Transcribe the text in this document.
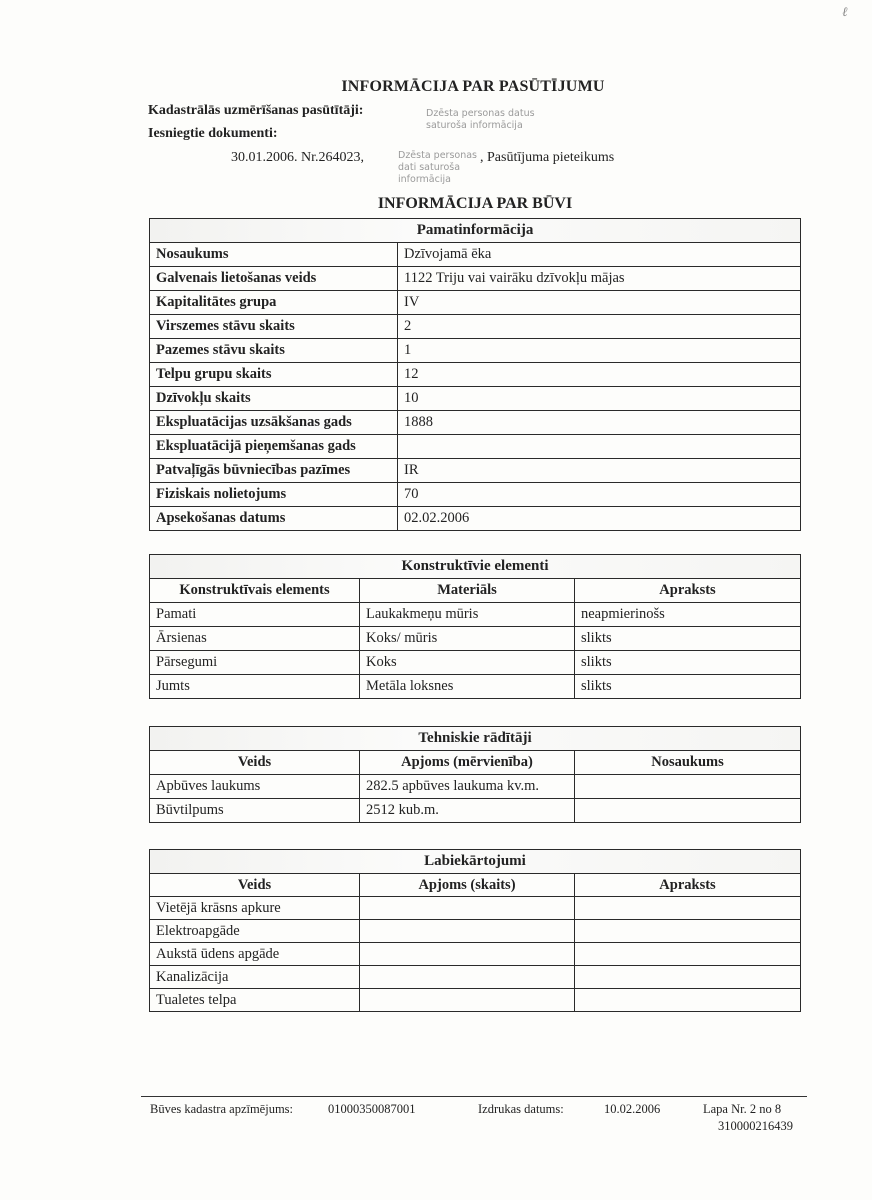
ℓ
INFORMĀCIJA PAR PASŪTĪJUMU
Kadastrālās uzmērīšanas pasūtītāji:	Dzēsta personas datus saturoša informācija
Iesniegtie dokumenti:
30.01.2006. Nr.264023,	Dzēsta personas dati saturoša informācija
, Pasūtījuma pieteikums
INFORMĀCIJA PAR BŪVI
Pamatinformācija	
Nosaukums	Dzīvojamā ēka
Galvenais lietošanas veids	1122 Triju vai vairāku dzīvokļu mājas
Kapitalitātes grupa	IV
Virszemes stāvu skaits	2
Pazemes stāvu skaits	1
Telpu grupu skaits	12
Dzīvokļu skaits	10
Ekspluatācijas uzsākšanas gads	1888
Ekspluatācijā pieņemšanas gads	
Patvaļīgās būvniecības pazīmes	IR
Fiziskais nolietojums	70
Apsekošanas datums	02.02.2006
Konstruktīvie elementi		
Konstruktīvais elements	Materiāls	Apraksts
Pamati	Laukakmeņu mūris	neapmierinošs
Ārsienas	Koks/ mūris	slikts
Pārsegumi	Koks	slikts
Jumts	Metāla loksnes	slikts
Tehniskie rādītāji		
Veids	Apjoms (mērvienība)	Nosaukums
Apbūves laukums	282.5 apbūves laukuma kv.m.	
Būvtilpums	2512 kub.m.	
Labiekārtojumi		
Veids	Apjoms (skaits)	Apraksts
Vietējā krāsns apkure		
Elektroapgāde		
Aukstā ūdens apgāde		
Kanalizācija		
Tualetes telpa		
Būves kadastra apzīmējums:	01000350087001	Izdrukas datums:	10.02.2006	Lapa Nr. 2 no 8
310000216439
